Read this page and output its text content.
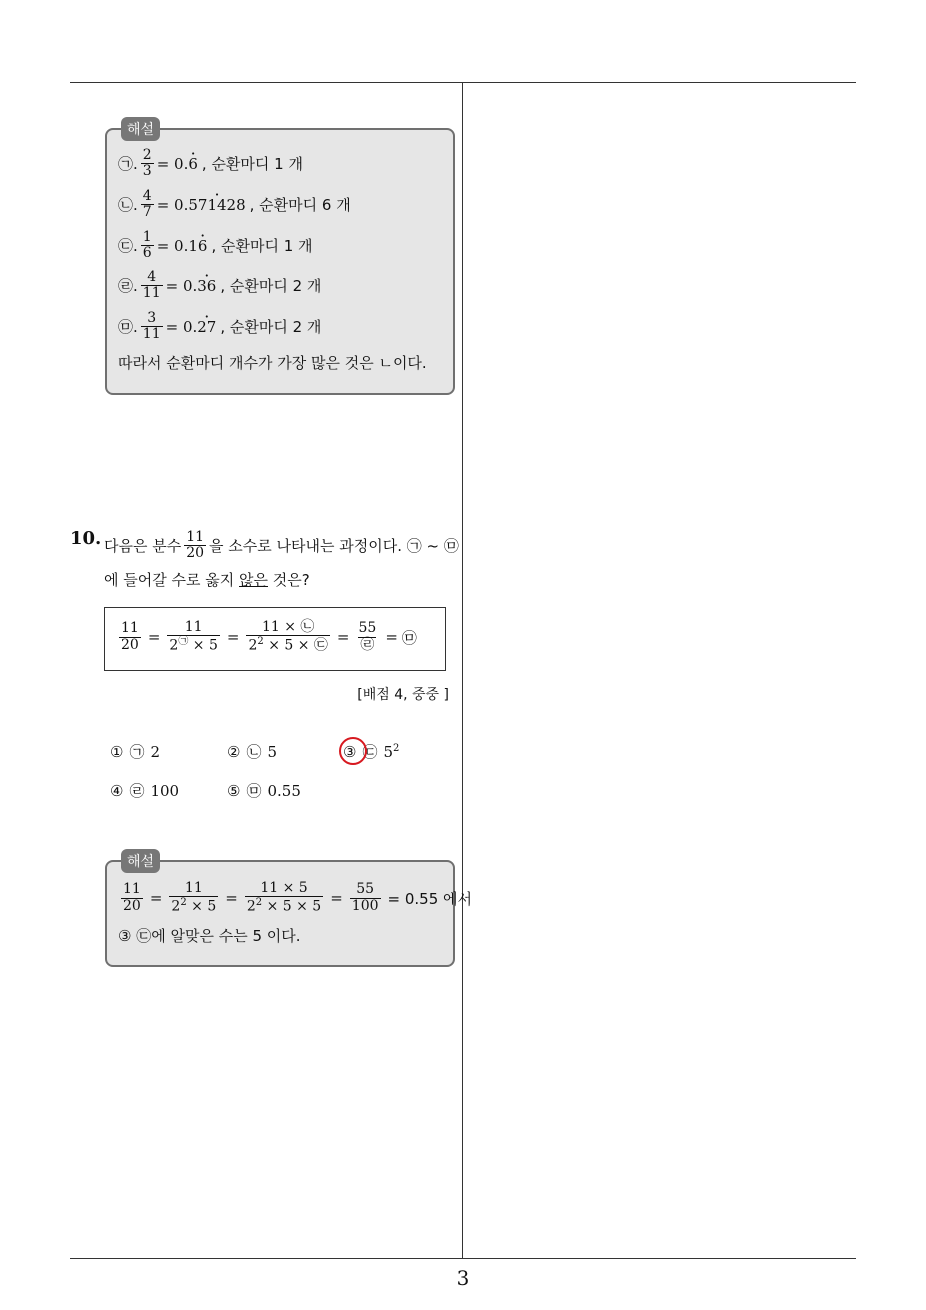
3
해설
㉠. $\frac{2}{3} = 0$.
· 6 , 순환마디 1 개
㉡. $\frac{4}{7} = 0$.
· 571428 , 순환마디 6 개
㉢. $\frac{1}{6} = 0.1$
· 6 , 순환마디 1 개
㉣. $\frac{4}{11} = 0$.
· 36 , 순환마디 2 개
㉤. $\frac{3}{11} = 0$.
· 27 , 순환마디 2 개
따라서 순환마디 개수가 가장 많은 것은 ㄴ이다.
10. 다음은 분수 $\frac{11}{20}$ 을 소수로 나타내는 과정이다. ㉠ ~ ㉤
에 들어갈 수로 옳지
않은
것은?
$\frac{11}{20} = \frac{11}{2^㉠ \times 5} = \frac{11 \times ㉡}{2^2 \times 5 \times ㉢} = \frac{55}{㉣}$ = ㉤
[배점 4, 중중 ]
① ㉠ 2	② ㉡ 5	③ ㉢ $5^2$
④ ㉣ 100	⑤ ㉤ 0.55
해설
$\frac{11}{20} = \frac{11}{2^2 \times 5} = \frac{11 \times 5}{2^2 \times 5 \times 5} = \frac{55}{100} = 0.55$ 에서
③ ㉢에 알맞은 수는 5 이다.
